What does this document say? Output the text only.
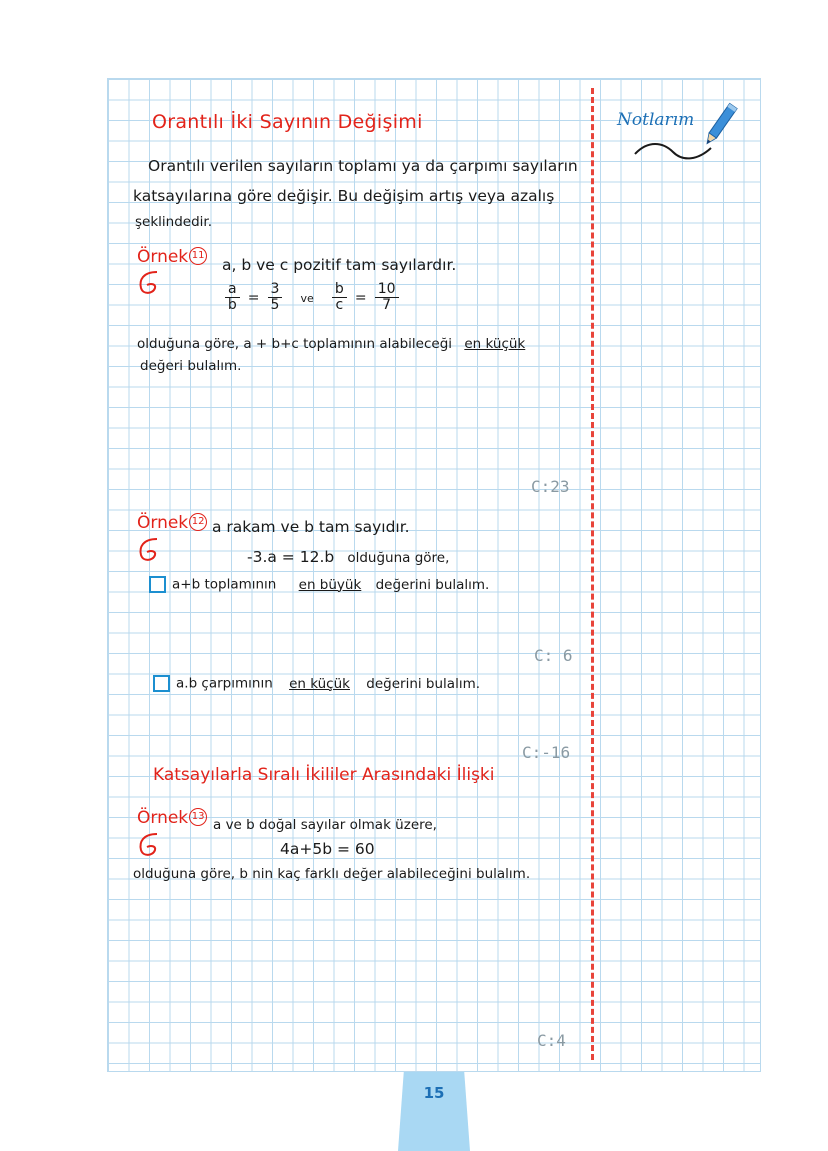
Notlarım
Orantılı İki Sayının Değişimi
Orantılı verilen sayıların toplamı ya da çarpımı sayıların
katsayılarına göre değişir. Bu değişim artış veya azalış
şeklindedir.
Örnek 11
a, b ve c pozitif tam sayılardır.
$\frac{a}{b} = \frac{3}{5}$ ve $\frac{b}{c} = \frac{10}{7}$
olduğuna göre, a + b+c toplamının alabileceği en küçük
değeri bulalım.
C:23
Örnek 12 a rakam ve b tam sayıdır.
-3.a = 12.b olduğuna göre,
a+b toplamının en büyük değerini bulalım.
C: 6
a.b çarpımının en küçük değerini bulalım.
C:-16
Katsayılarla Sıralı İkililer Arasındaki İlişki
Örnek 13
a ve b doğal sayılar olmak üzere,
4a+5b = 60
olduğuna göre, b nin kaç farklı değer alabileceğini bulalım.
C:4
15
